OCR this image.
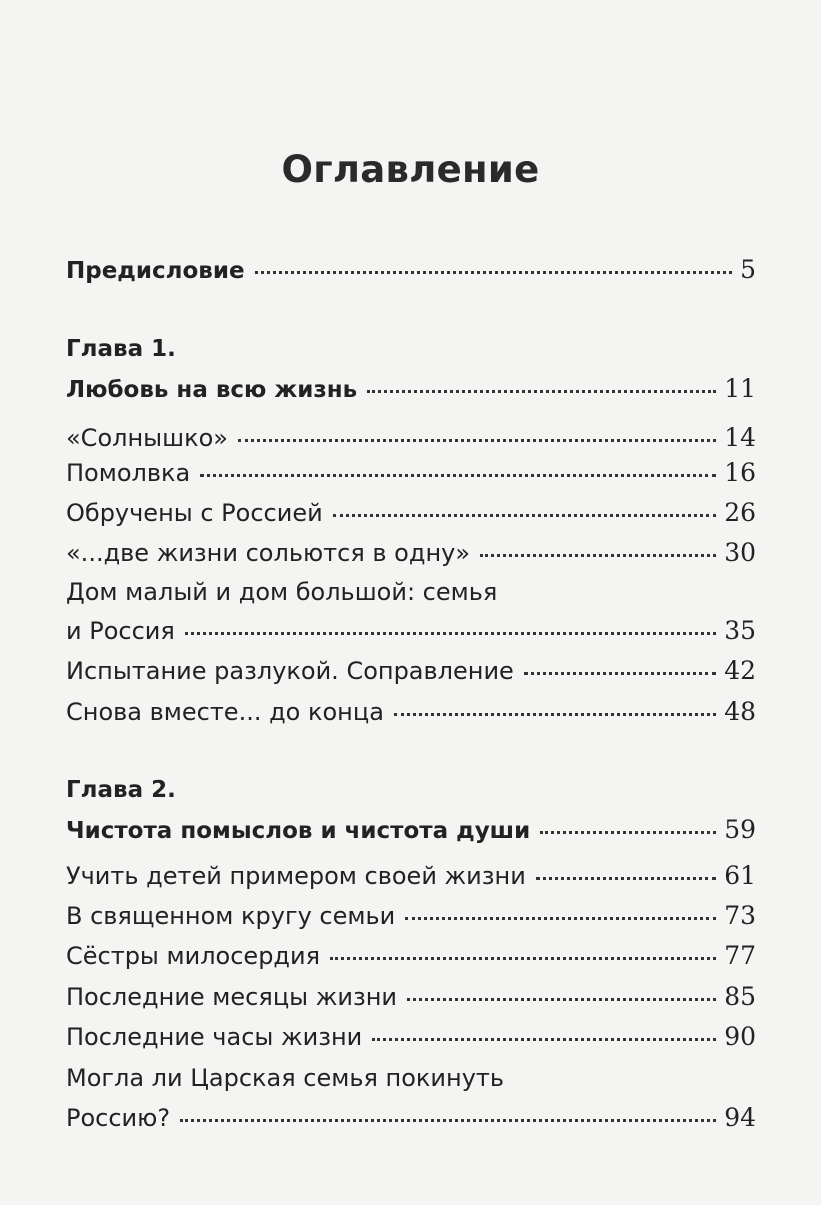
Оглавление
Предисловие	5
Глава 1.
Любовь на всю жизнь	11
«Солнышко»	14
Помолвка	16
Обручены с Россией	26
«...две жизни сольются в одну»	30
Дом малый и дом большой: семья
и Россия	35
Испытание разлукой. Соправление	42
Снова вместе... до конца	48
Глава 2.
Чистота помыслов и чистота души	59
Учить детей примером своей жизни	61
В священном кругу семьи	73
Сёстры милосердия	77
Последние месяцы жизни	85
Последние часы жизни	90
Могла ли Царская семья покинуть
Россию?	94
